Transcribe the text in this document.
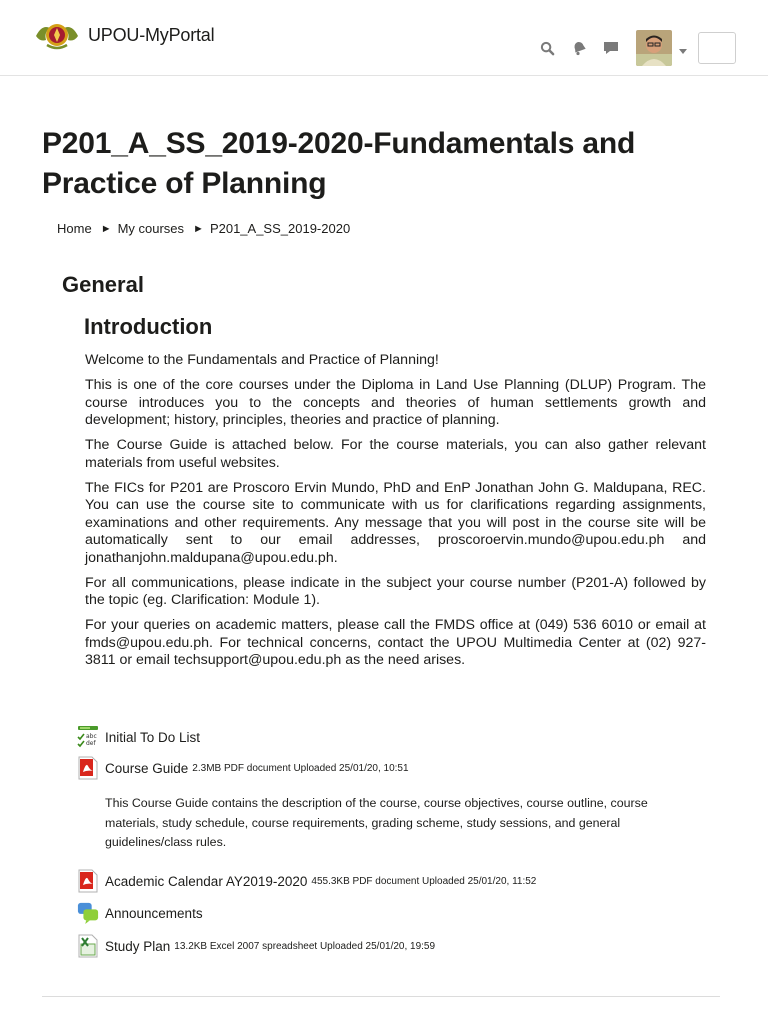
UPOU-MyPortal
P201_A_SS_2019-2020-Fundamentals and Practice of Planning
Home ► My courses ► P201_A_SS_2019-2020
General
Introduction

Welcome to the Fundamentals and Practice of Planning!

This is one of the core courses under the Diploma in Land Use Planning (DLUP) Program. The course introduces you to the concepts and theories of human settlements growth and development; history, principles, theories and practice of planning.

The Course Guide is attached below. For the course materials, you can also gather relevant materials from useful websites.

The FICs for P201 are Proscoro Ervin Mundo, PhD and EnP Jonathan John G. Maldupana, REC. You can use the course site to communicate with us for clarifications regarding assignments, examinations and other requirements. Any message that you will post in the course site will be automatically sent to our email addresses, proscoroervin.mundo@upou.edu.ph and jonathanjohn.maldupana@upou.edu.ph.

For all communications, please indicate in the subject your course number (P201-A) followed by the topic (eg. Clarification: Module 1).

For your queries on academic matters, please call the FMDS office at (049) 536 6010 or email at fmds@upou.edu.ph. For technical concerns, contact the UPOU Multimedia Center at (02) 927-3811 or email techsupport@upou.edu.ph as the need arises.

abc
def Initial To Do List
Course Guide 2.3MB PDF document Uploaded 25/01/20, 10:51
This Course Guide contains the description of the course, course objectives, course outline, course materials, study schedule, course requirements, grading scheme, study sessions, and general guidelines/class rules.
Academic Calendar AY2019-2020 455.3KB PDF document Uploaded 25/01/20, 11:52
Announcements
Study Plan 13.2KB Excel 2007 spreadsheet Uploaded 25/01/20, 19:59
